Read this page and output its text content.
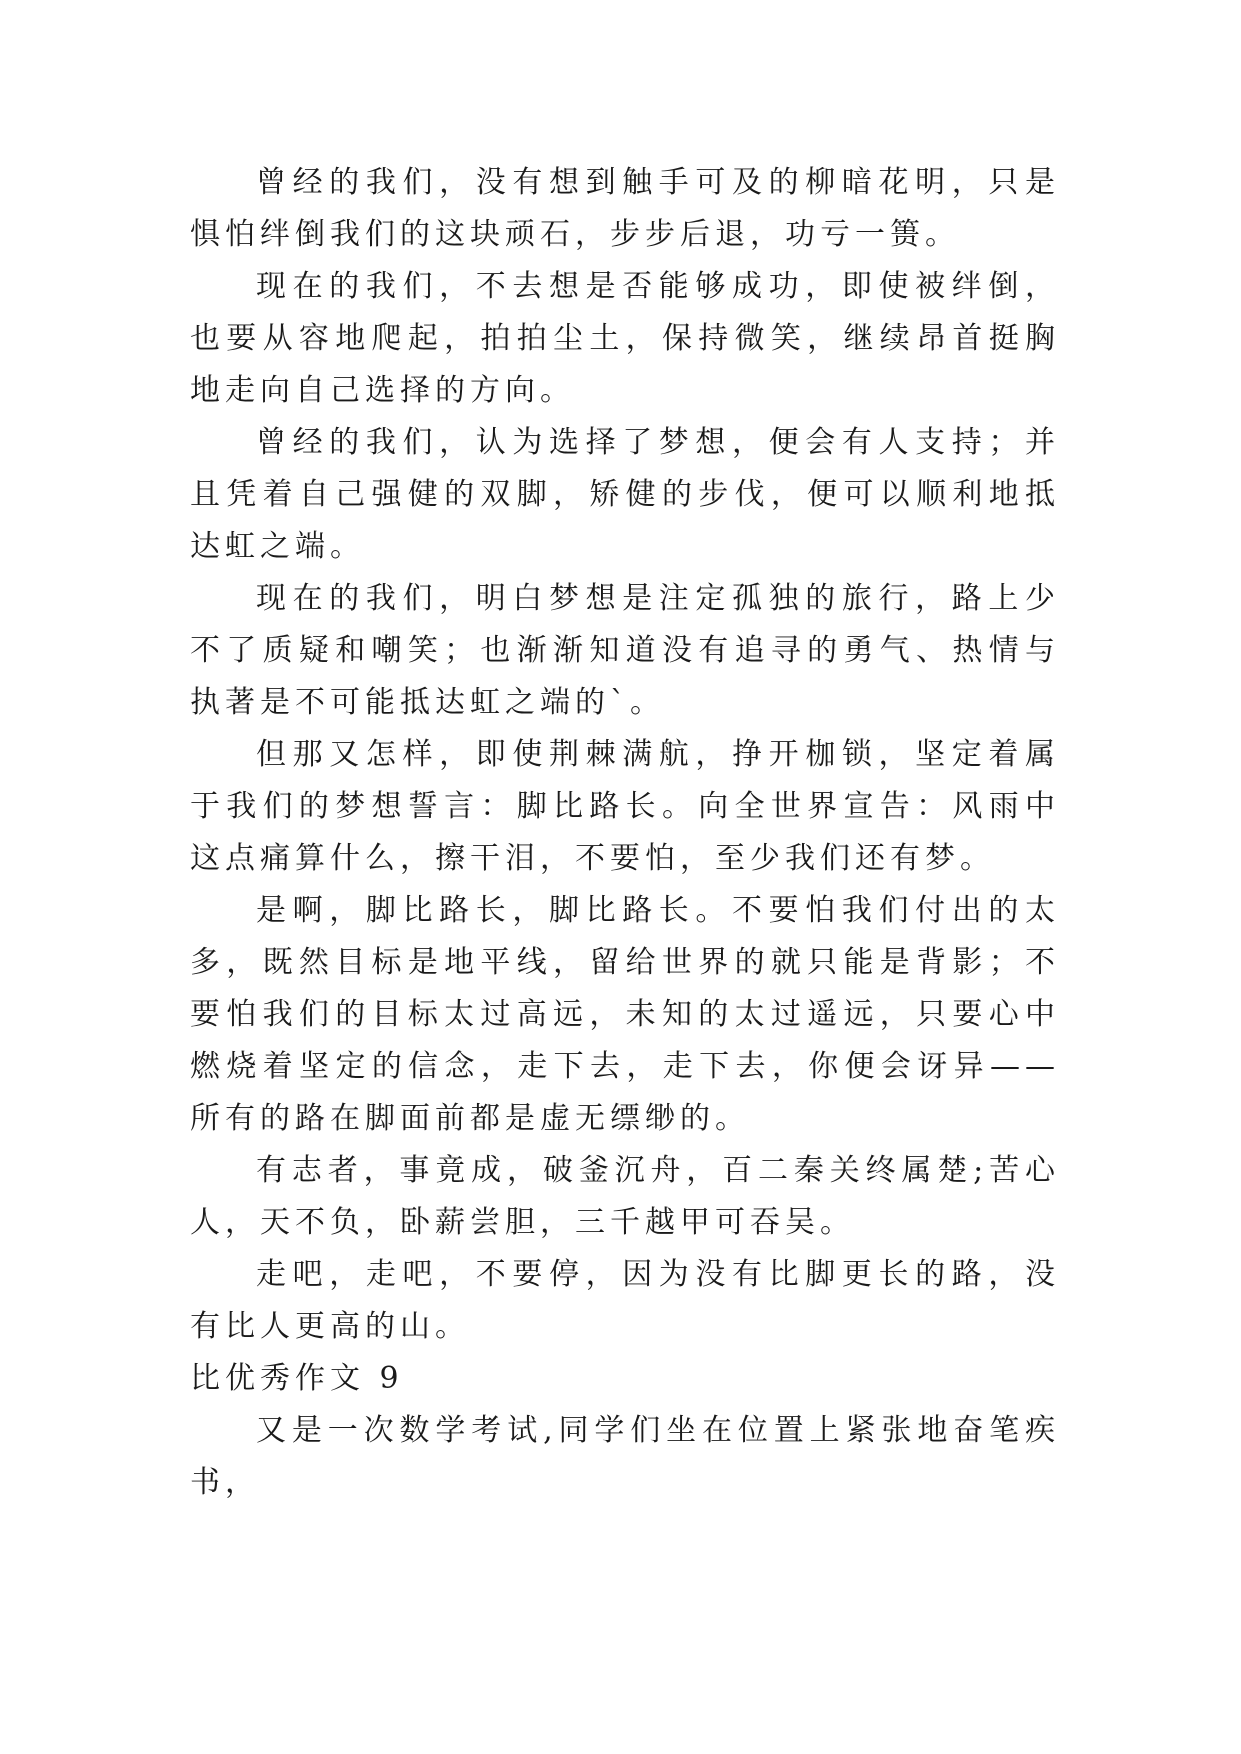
曾经的我们，没有想到触手可及的柳暗花明，只是惧怕绊倒我们的这块顽石，步步后退，功亏一篑。

现在的我们，不去想是否能够成功，即使被绊倒，也要从容地爬起，拍拍尘土，保持微笑，继续昂首挺胸地走向自己选择的方向。

曾经的我们，认为选择了梦想，便会有人支持；并且凭着自己强健的双脚，矫健的步伐，便可以顺利地抵达虹之端。

现在的我们，明白梦想是注定孤独的旅行，路上少不了质疑和嘲笑；也渐渐知道没有追寻的勇气、热情与执著是不可能抵达虹之端的`。

但那又怎样，即使荆棘满航，挣开枷锁，坚定着属于我们的梦想誓言：脚比路长。向全世界宣告：风雨中这点痛算什么，擦干泪，不要怕，至少我们还有梦。

是啊，脚比路长，脚比路长。不要怕我们付出的太多，既然目标是地平线，留给世界的就只能是背影；不要怕我们的目标太过高远，未知的太过遥远，只要心中燃烧着坚定的信念，走下去，走下去，你便会讶异——所有的路在脚面前都是虚无缥缈的。

有志者，事竟成，破釜沉舟，百二秦关终属楚;苦心人，天不负，卧薪尝胆，三千越甲可吞吴。

走吧，走吧，不要停，因为没有比脚更长的路，没有比人更高的山。

比优秀作文 9

又是一次数学考试,同学们坐在位置上紧张地奋笔疾书，
